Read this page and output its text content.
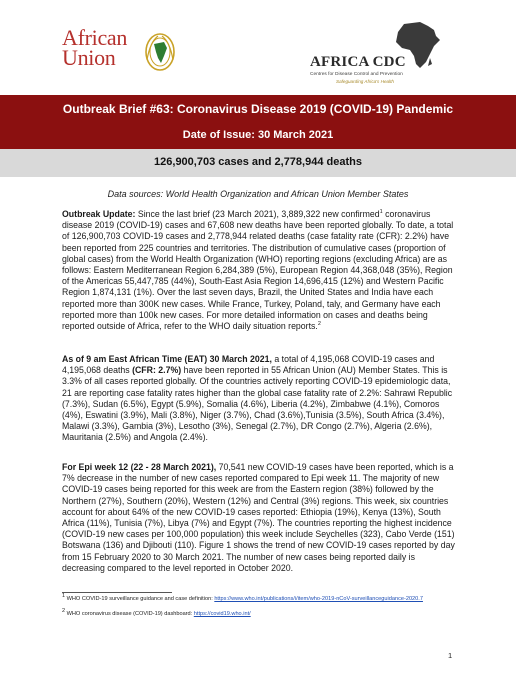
African
Union	AFRICA CDC
Centres for Disease Control and Prevention
Safeguarding Africa's Health
Outbreak Brief #63: Coronavirus Disease 2019 (COVID-19) Pandemic
Date of Issue: 30 March 2021
126,900,703 cases and 2,778,944 deaths
Data sources: World Health Organization and African Union Member States
Outbreak Update: Since the last brief (23 March 2021), 3,889,322 new confirmed$^1$ coronavirus disease 2019 (COVID-19) cases and 67,608 new deaths have been reported globally. To date, a total of 126,900,703 COVID-19 cases and 2,778,944 related deaths (case fatality rate (CFR): 2.2%) have been reported from 225 countries and territories. The distribution of cumulative cases (proportion of global cases) from the World Health Organization (WHO) reporting regions (excluding Africa) are as follows: Eastern Mediterranean Region 6,284,389 (5%), European Region 44,368,048 (35%), Region of the Americas 55,447,785 (44%), South-East Asia Region 14,696,415 (12%) and Western Pacific Region 1,874,131 (1%). Over the last seven days, Brazil, the United States and India have each reported more than 300K new cases. While France, Turkey, Poland, taly, and Germany have each reported more than 100k new cases. For more detailed information on cases and deaths being reported outside of Africa, refer to the WHO daily situation reports.$^2$
As of 9 am East African Time (EAT) 30 March 2021, a total of 4,195,068 COVID-19 cases and 4,195,068 deaths (CFR: 2.7%) have been reported in 55 African Union (AU) Member States. This is 3.3% of all cases reported globally. Of the countries actively reporting COVID-19 epidemiologic data, 21 are reporting case fatality rates higher than the global case fatality rate of 2.2%: Sahrawi Republic (7.3%), Sudan (6.5%), Egypt (5.9%), Somalia (4.6%), Liberia (4.2%), Zimbabwe (4.1%), Comoros (4%), Eswatini (3.9%), Mali (3.8%), Niger (3.7%), Chad (3.6%),Tunisia (3.5%), South Africa (3.4%), Malawi (3.3%), Gambia (3%), Lesotho (3%), Senegal (2.7%), DR Congo (2.7%), Algeria (2.6%), Mauritania (2.5%) and Angola (2.4%).
For Epi week 12 (22 - 28 March 2021), 70,541 new COVID-19 cases have been reported, which is a 7% decrease in the number of new cases reported compared to Epi week 11. The majority of new COVID-19 cases being reported for this week are from the Eastern region (38%) followed by the Northern (27%), Southern (20%), Western (12%) and Central (3%) regions. This week, six countries account for about 64% of the new COVID-19 cases reported: Ethiopia (19%), Kenya (13%), South Africa (11%), Tunisia (7%), Libya (7%) and Egypt (7%). The countries reporting the highest incidence (COVID-19 new cases per 100,000 population) this week include Seychelles (323), Cabo Verde (151) Botswana (136) and Djibouti (110). Figure 1 shows the trend of new COVID-19 cases reported by day from 15 February 2020 to 30 March 2021. The number of new cases being reported daily is decreasing compared to the level reported in October 2020.
$^1$ WHO COVID-19 surveillance guidance and case definition: https://www.who.int/publications/i/item/who-2019-nCoV-surveillanceguidance-2020.7
$^2$ WHO coronavirus disease (COVID-19) dashboard: https://covid19.who.int/
1
